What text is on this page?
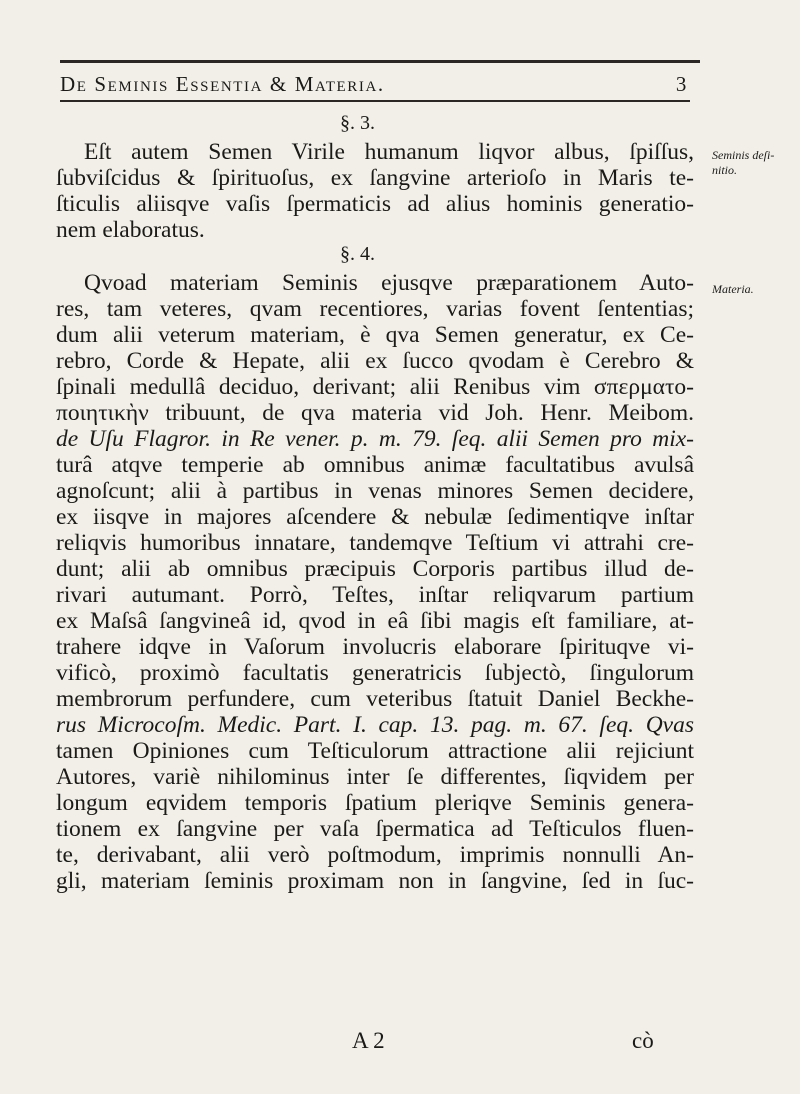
De Seminis Essentia & Materia.	3
§. 3.
Seminis deſi-
nitio.
Eſt autem Semen Virile humanum liqvor albus, ſpiſſus,
ſubviſcidus & ſpirituoſus, ex ſangvine arterioſo in Maris te-
ſticulis aliisqve vaſis ſpermaticis ad alius hominis generatio-
nem elaboratus.
§. 4.
Materia.
Qvoad materiam Seminis ejusqve præparationem Auto-
res, tam veteres, qvam recentiores, varias fovent ſententias;
dum alii veterum materiam, è qva Semen generatur, ex Ce-
rebro, Corde & Hepate, alii ex ſucco qvodam è Cerebro &
ſpinali medullâ deciduo, derivant; alii Renibus vim σπερματο-
ποιητικὴν tribuunt, de qva materia vid Joh. Henr. Meibom.
de Uſu Flagror. in Re vener. p. m. 79. ſeq. alii Semen pro mix-
turâ atqve temperie ab omnibus animæ facultatibus avulsâ
agnoſcunt; alii à partibus in venas minores Semen decidere,
ex iisqve in majores aſcendere & nebulæ ſedimentiqve inſtar
reliqvis humoribus innatare, tandemqve Teſtium vi attrahi cre-
dunt; alii ab omnibus præcipuis Corporis partibus illud de-
rivari autumant. Porrò, Teſtes, inſtar reliqvarum partium
ex Maſsâ ſangvineâ id, qvod in eâ ſibi magis eſt familiare, at-
trahere idqve in Vaſorum involucris elaborare ſpirituqve vi-
vificò, proximò facultatis generatricis ſubjectò, ſingulorum
membrorum perfundere, cum veteribus ſtatuit Daniel Beckhe-
rus Microcoſm. Medic. Part. I. cap. 13. pag. m. 67. ſeq. Qvas
tamen Opiniones cum Teſticulorum attractione alii rejiciunt
Autores, variè nihilominus inter ſe differentes, ſiqvidem per
longum eqvidem temporis ſpatium pleriqve Seminis genera-
tionem ex ſangvine per vaſa ſpermatica ad Teſticulos fluen-
te, derivabant, alii verò poſtmodum, imprimis nonnulli An-
gli, materiam ſeminis proximam non in ſangvine, ſed in ſuc-
A 2	cò
